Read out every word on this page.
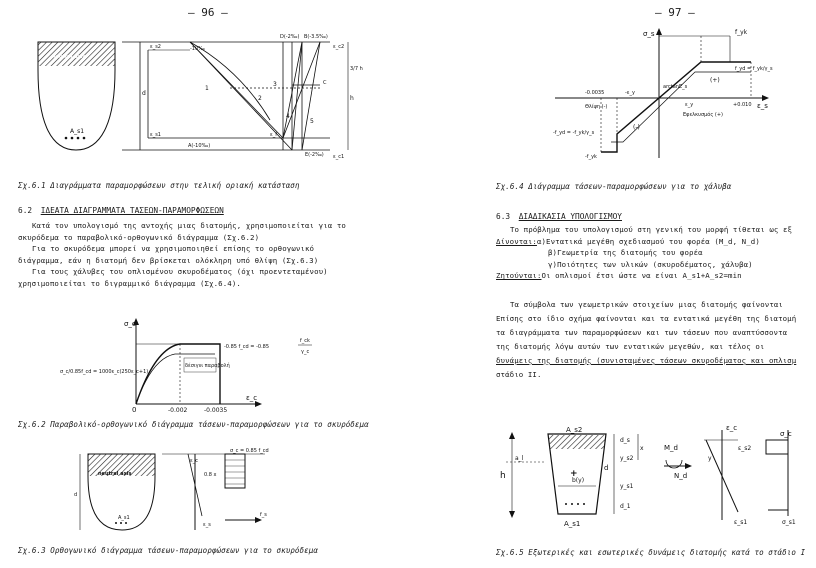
– 96 –
neutral axis
A_s1
d
ε_s2
ε_s1
1
2
3
4
5
D(-2‰) B(-3.5‰)
-10‰	ε_c2
A(-10‰)
E(-2‰)
C
ε_f
ε_c1
3/7 h
h
Σχ.6.1 Διαγράμματα παραμορφώσεων στην τελική οριακή κατάσταση
6.2 ΙΔΕΑΤΑ ΔΙΑΓΡΑΜΜΑΤΑ ΤΑΣΕΩΝ-ΠΑΡΑΜΟΡΦΩΣΕΩΝ
Κατά τον υπολογισμό της αντοχής μιας διατομής, χρησιμοποιείται για το
σκυρόδεμα το παραβολικό-ορθογωνικό διάγραμμα (Σχ.6.2)
Για το σκυρόδεμα μπορεί να χρησιμοποιηθεί επίσης το ορθογωνικό
διάγραμμα, εάν η διατομή δεν βρίσκεται ολόκληρη υπό θλίψη (Σχ.6.3)
Για τους χάλυβες του οπλισμένου σκυροδέματος (όχι προεντεταμένου)
χρησιμοποιείται το διγραμμικό διάγραμμα (Σχ.6.4).
σ_c
ε_c
δέσιγνι παραβολή
0	-0.002	-0.0035
-0.85 f_cd = -0.85
f_ck
γ_c
σ_c/0.85f_cd = 1000ε_c(250ε_c+1)
Σχ.6.2 Παραβολικό-ορθογωνικό διάγραμμα τάσεων-παραμορφώσεων για το σκυρόδεμα
neutral axis
A_s1
d
ε_c
ε_s
σ_c = 0.85 f_cd
0.8 x
f_s
Σχ.6.3 Ορθογωνικό διάγραμμα τάσεων-παραμορφώσεων για το σκυρόδεμα
– 97 –
σ_s
ε_s
f_yk
f_yd = f_yk/γ_s
(+)
(-)
arctanE_s
-0.0035	-ε_y
ε_y	+0.010
Θλίψη (-)
Εφελκυσμός (+)
-f_yd = -f_yk/γ_s
-f_yk
Σχ.6.4 Διάγραμμα τάσεων-παραμορφώσεων για το χάλυβα
6.3 ΔΙΑΔΙΚΑΣΙΑ ΥΠΟΛΟΓΙΣΜΟΥ
Το πρόβλημα του υπολογισμού στη γενική του μορφή τίθεται ως εξ
Δίνονται:α)Εντατικά μεγέθη σχεδιασμού του φορέα (M_d, N_d)
β)Γεωμετρία της διατομής του φορέα
γ)Ποιότητες των υλικών (σκυροδέματος, χάλυβα)
Ζητούνται:Οι οπλισμοί έτσι ώστε να είναι A_s1+A_s2=min
Τα σύμβολα των γεωμετρικών στοιχείων μιας διατομής φαίνονται
Επίσης στο ίδιο σχήμα φαίνονται και τα εντατικά μεγέθη της διατομή
τα διαγράμματα των παραμορφώσεων και των τάσεων που αναπτύσσοντα
της διατομής λόγω αυτών των εντατικών μεγεθών, και τέλος οι
δυνάμεις της διατομής (συνισταμένες τάσεων σκυροδέματος και οπλισμ
στάδιο ΙΙ.
h
a_l
A_s2
+
b(y)
A_s1
d
d_s
y_s2
y_s1
d_1
x	M_d
N_d
y
ε_c
ε_s2
ε_s1
σ_c
σ_s1
Σχ.6.5 Εξωτερικές και εσωτερικές δυνάμεις διατομής κατά το στάδιο Ι
